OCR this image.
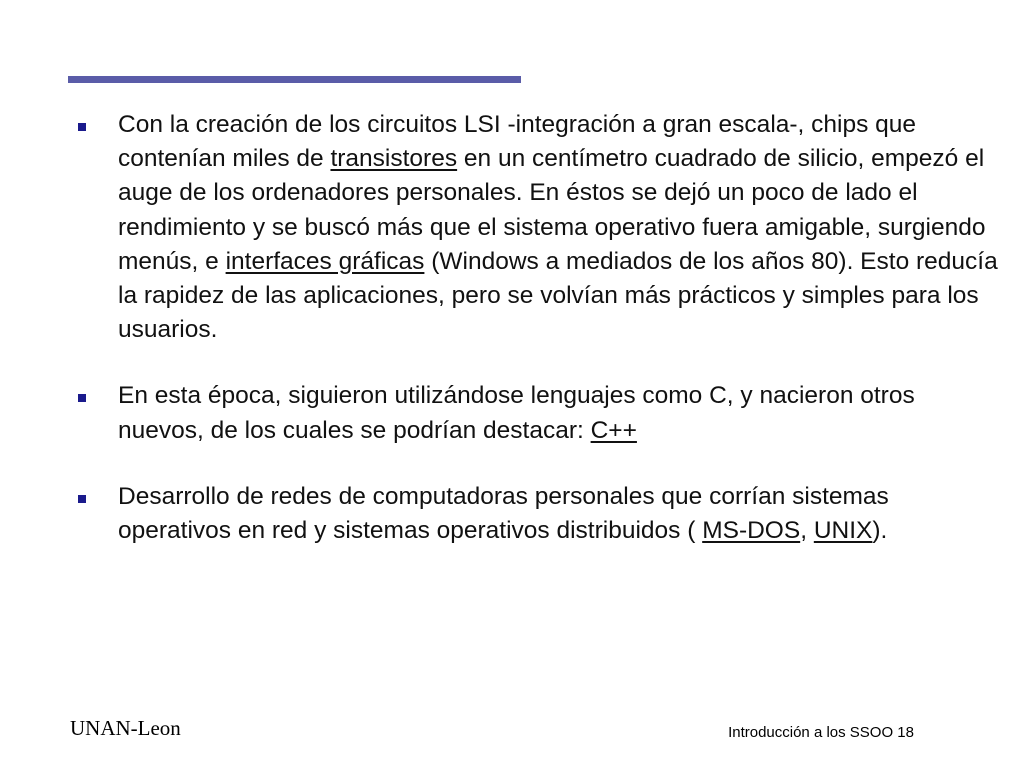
Con la creación de los circuitos LSI -integración a gran escala-, chips que contenían miles de transistores en un centímetro cuadrado de silicio, empezó el auge de los ordenadores personales. En éstos se dejó un poco de lado el rendimiento y se buscó más que el sistema operativo fuera amigable, surgiendo menús, e interfaces gráficas (Windows a mediados de los años 80). Esto reducía la rapidez de las aplicaciones, pero se volvían más prácticos y simples para los usuarios.
En esta época, siguieron utilizándose lenguajes como C, y nacieron otros nuevos, de los cuales se podrían destacar: C++
Desarrollo de redes de computadoras personales que corrían sistemas operativos en red y sistemas operativos distribuidos ( MS-DOS, UNIX).
UNAN-Leon	Introducción a los SSOO 18
